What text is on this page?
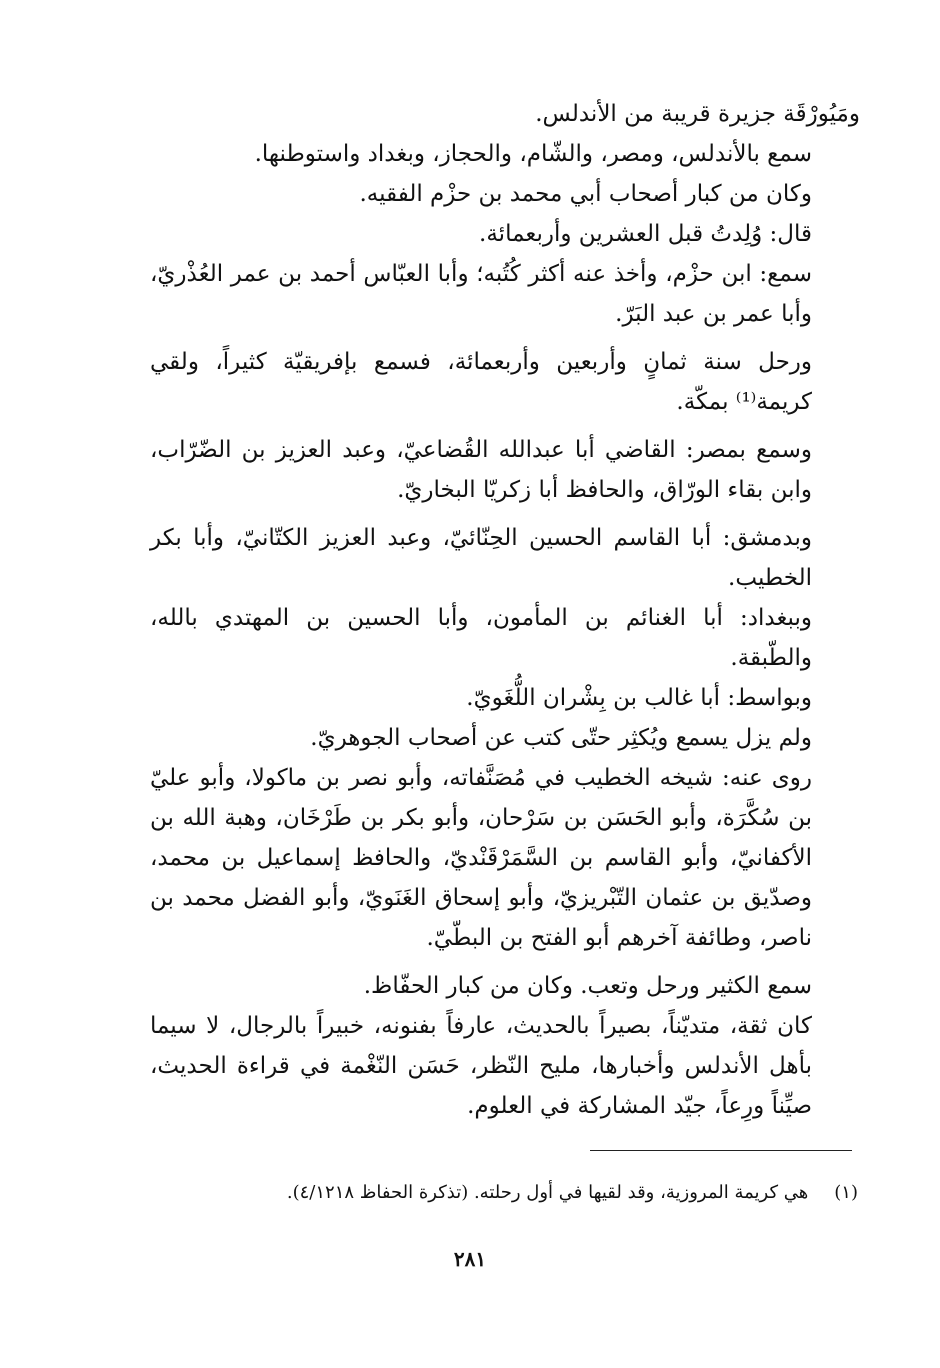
ومَيُورْقَة جزيرة قريبة من الأندلس.

سمع بالأندلس، ومصر، والشّام، والحجاز، وبغداد واستوطنها.

وكان من كبار أصحاب أبي محمد بن حزْم الفقيه.

قال: وُلِدتُ قبل العشرين وأربعمائة.

سمع: ابن حزْم، وأخذ عنه أكثر كُتُبه؛ وأبا العبّاس أحمد بن عمر العُذْريّ، وأبا عمر بن عبد البَرّ.

ورحل سنة ثمانٍ وأربعين وأربعمائة، فسمع بإفريقيّة كثيراً، ولقي كريمة⁽¹⁾ بمكّة.

وسمع بمصر: القاضي أبا عبدالله القُضاعيّ، وعبد العزيز بن الضّرّاب، وابن بقاء الورّاق، والحافظ أبا زكريّا البخاريّ.

وبدمشق: أبا القاسم الحسين الحِنّائيّ، وعبد العزيز الكتّانيّ، وأبا بكر الخطيب.

وببغداد: أبا الغنائم بن المأمون، وأبا الحسين بن المهتدي بالله، والطّبقة.

وبواسط: أبا غالب بن بِشْران اللُّغَويّ.

ولم يزل يسمع ويُكثِر حتّى كتب عن أصحاب الجوهريّ.

روى عنه: شيخه الخطيب في مُصَنَّفاته، وأبو نصر بن ماكولا، وأبو عليّ بن سُكَّرَة، وأبو الحَسَن بن سَرْحان، وأبو بكر بن طَرْخَان، وهبة الله بن الأكفانيّ، وأبو القاسم بن السَّمَرْقَنْديّ، والحافظ إسماعيل بن محمد، وصدّيق بن عثمان التّبْريزيّ، وأبو إسحاق الغَنَويّ، وأبو الفضل محمد بن ناصر، وطائفة آخرهم أبو الفتح بن البطّيّ.

سمع الكثير ورحل وتعب. وكان من كبار الحفّاظ.

كان ثقة، متديّناً، بصيراً بالحديث، عارفاً بفنونه، خبيراً بالرجال، لا سيما بأهل الأندلس وأخبارها، مليح النّظر، حَسَن النّغْمة في قراءة الحديث، صيِّناً ورِعاً، جيّد المشاركة في العلوم.

(١)هي كريمة المروزية، وقد لقيها في أول رحلته. (تذكرة الحفاظ ٤/١٢١٨).
٢٨١
